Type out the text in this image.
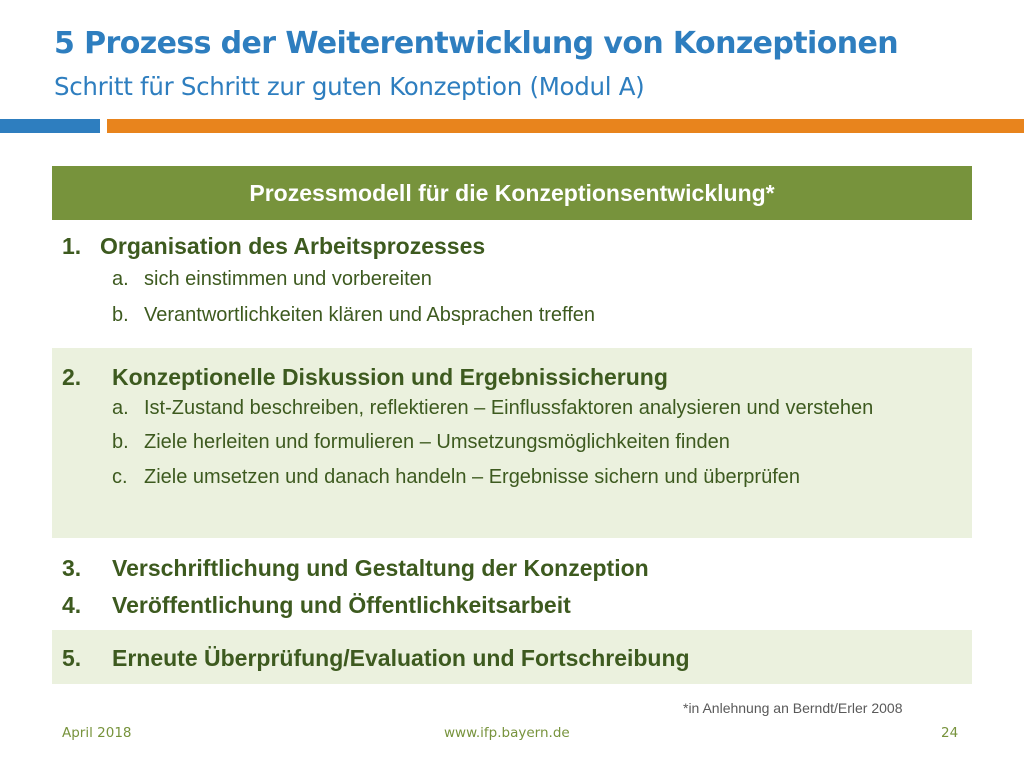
5 Prozess der Weiterentwicklung von Konzeptionen
Schritt für Schritt zur guten Konzeption (Modul A)
Prozessmodell für die Konzeptionsentwicklung*
1. Organisation des Arbeitsprozesses
a. sich einstimmen und vorbereiten
b. Verantwortlichkeiten klären und Absprachen treffen
2.	Konzeptionelle Diskussion und Ergebnissicherung
a. Ist-Zustand beschreiben, reflektieren – Einflussfaktoren analysieren und verstehen
b. Ziele herleiten und formulieren – Umsetzungsmöglichkeiten finden
c. Ziele umsetzen und danach handeln – Ergebnisse sichern und überprüfen
3.	Verschriftlichung und Gestaltung der Konzeption
4.	Veröffentlichung und Öffentlichkeitsarbeit
5.	Erneute Überprüfung/Evaluation und Fortschreibung
*in Anlehnung an Berndt/Erler 2008
April 2018	www.ifp.bayern.de	24
